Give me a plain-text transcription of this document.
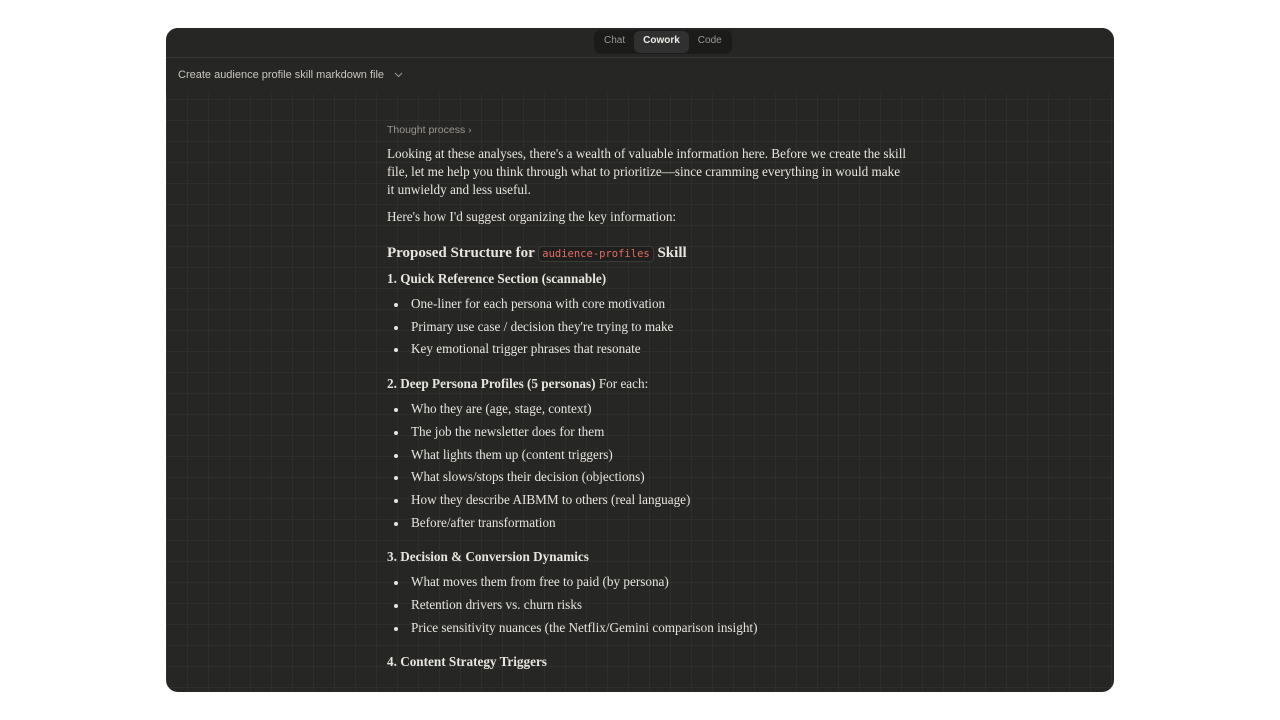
Chat	Cowork	Code
Create audience profile skill markdown file
Thought process ›

Looking at these analyses, there's a wealth of valuable information here. Before we create the skill file, let me help you think through what to prioritize—since cramming everything in would make it unwieldy and less useful.

Here's how I'd suggest organizing the key information:

Proposed Structure for audience-profiles Skill
1. Quick Reference Section (scannable)
One-liner for each persona with core motivation
Primary use case / decision they're trying to make
Key emotional trigger phrases that resonate
2. Deep Persona Profiles (5 personas) For each:
Who they are (age, stage, context)
The job the newsletter does for them
What lights them up (content triggers)
What slows/stops their decision (objections)
How they describe AIBMM to others (real language)
Before/after transformation
3. Decision & Conversion Dynamics
What moves them from free to paid (by persona)
Retention drivers vs. churn risks
Price sensitivity nuances (the Netflix/Gemini comparison insight)
4. Content Strategy Triggers
